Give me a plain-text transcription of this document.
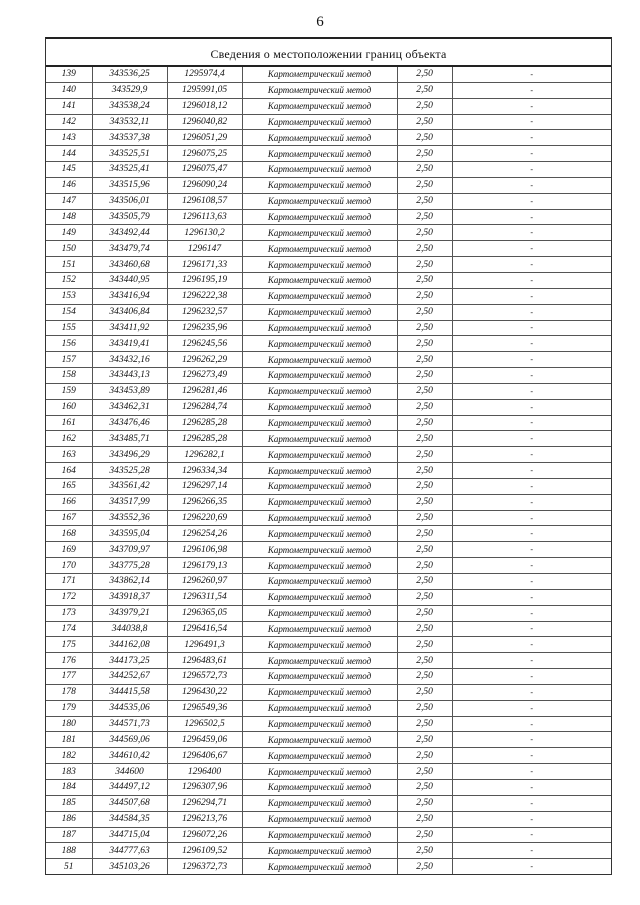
6
Сведения о местоположении границ объекта
139	343536,25	1295974,4	Картометрический метод	2,50	-
140	343529,9	1295991,05	Картометрический метод	2,50	-
141	343538,24	1296018,12	Картометрический метод	2,50	-
142	343532,11	1296040,82	Картометрический метод	2,50	-
143	343537,38	1296051,29	Картометрический метод	2,50	-
144	343525,51	1296075,25	Картометрический метод	2,50	-
145	343525,41	1296075,47	Картометрический метод	2,50	-
146	343515,96	1296090,24	Картометрический метод	2,50	-
147	343506,01	1296108,57	Картометрический метод	2,50	-
148	343505,79	1296113,63	Картометрический метод	2,50	-
149	343492,44	1296130,2	Картометрический метод	2,50	-
150	343479,74	1296147	Картометрический метод	2,50	-
151	343460,68	1296171,33	Картометрический метод	2,50	-
152	343440,95	1296195,19	Картометрический метод	2,50	-
153	343416,94	1296222,38	Картометрический метод	2,50	-
154	343406,84	1296232,57	Картометрический метод	2,50	-
155	343411,92	1296235,96	Картометрический метод	2,50	-
156	343419,41	1296245,56	Картометрический метод	2,50	-
157	343432,16	1296262,29	Картометрический метод	2,50	-
158	343443,13	1296273,49	Картометрический метод	2,50	-
159	343453,89	1296281,46	Картометрический метод	2,50	-
160	343462,31	1296284,74	Картометрический метод	2,50	-
161	343476,46	1296285,28	Картометрический метод	2,50	-
162	343485,71	1296285,28	Картометрический метод	2,50	-
163	343496,29	1296282,1	Картометрический метод	2,50	-
164	343525,28	1296334,34	Картометрический метод	2,50	-
165	343561,42	1296297,14	Картометрический метод	2,50	-
166	343517,99	1296266,35	Картометрический метод	2,50	-
167	343552,36	1296220,69	Картометрический метод	2,50	-
168	343595,04	1296254,26	Картометрический метод	2,50	-
169	343709,97	1296106,98	Картометрический метод	2,50	-
170	343775,28	1296179,13	Картометрический метод	2,50	-
171	343862,14	1296260,97	Картометрический метод	2,50	-
172	343918,37	1296311,54	Картометрический метод	2,50	-
173	343979,21	1296365,05	Картометрический метод	2,50	-
174	344038,8	1296416,54	Картометрический метод	2,50	-
175	344162,08	1296491,3	Картометрический метод	2,50	-
176	344173,25	1296483,61	Картометрический метод	2,50	-
177	344252,67	1296572,73	Картометрический метод	2,50	-
178	344415,58	1296430,22	Картометрический метод	2,50	-
179	344535,06	1296549,36	Картометрический метод	2,50	-
180	344571,73	1296502,5	Картометрический метод	2,50	-
181	344569,06	1296459,06	Картометрический метод	2,50	-
182	344610,42	1296406,67	Картометрический метод	2,50	-
183	344600	1296400	Картометрический метод	2,50	-
184	344497,12	1296307,96	Картометрический метод	2,50	-
185	344507,68	1296294,71	Картометрический метод	2,50	-
186	344584,35	1296213,76	Картометрический метод	2,50	-
187	344715,04	1296072,26	Картометрический метод	2,50	-
188	344777,63	1296109,52	Картометрический метод	2,50	-
51	345103,26	1296372,73	Картометрический метод	2,50	-
